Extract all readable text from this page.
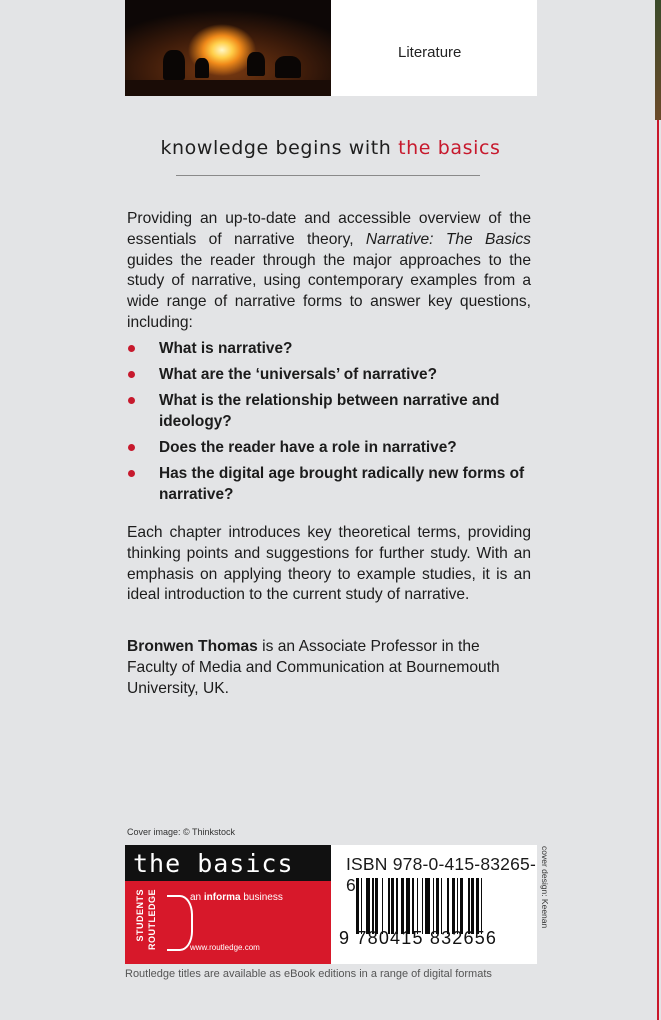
Literature
knowledge begins with the basics

Providing an up-to-date and accessible overview of the essentials of narrative theory, Narrative: The Basics guides the reader through the major approaches to the study of narrative, using contemporary examples from a wide range of narrative forms to answer key questions, including:

What is narrative?
What are the ‘universals’ of narrative?
What is the relationship between narrative and ideology?
Does the reader have a role in narrative?
Has the digital age brought radically new forms of narrative?

Each chapter introduces key theoretical terms, providing thinking points and suggestions for further study. With an emphasis on applying theory to example studies, it is an ideal introduction to the current study of narrative.

Bronwen Thomas is an Associate Professor in the Faculty of Media and Communication at Bournemouth University, UK.

Cover image: © Thinkstock
the basics
STUDENTS ROUTLEDGE	an informa business
www.routledge.com
ISBN 978-0-415-83265-6
9 780415 832656
cover design: Keenan
Routledge titles are available as eBook editions in a range of digital formats
